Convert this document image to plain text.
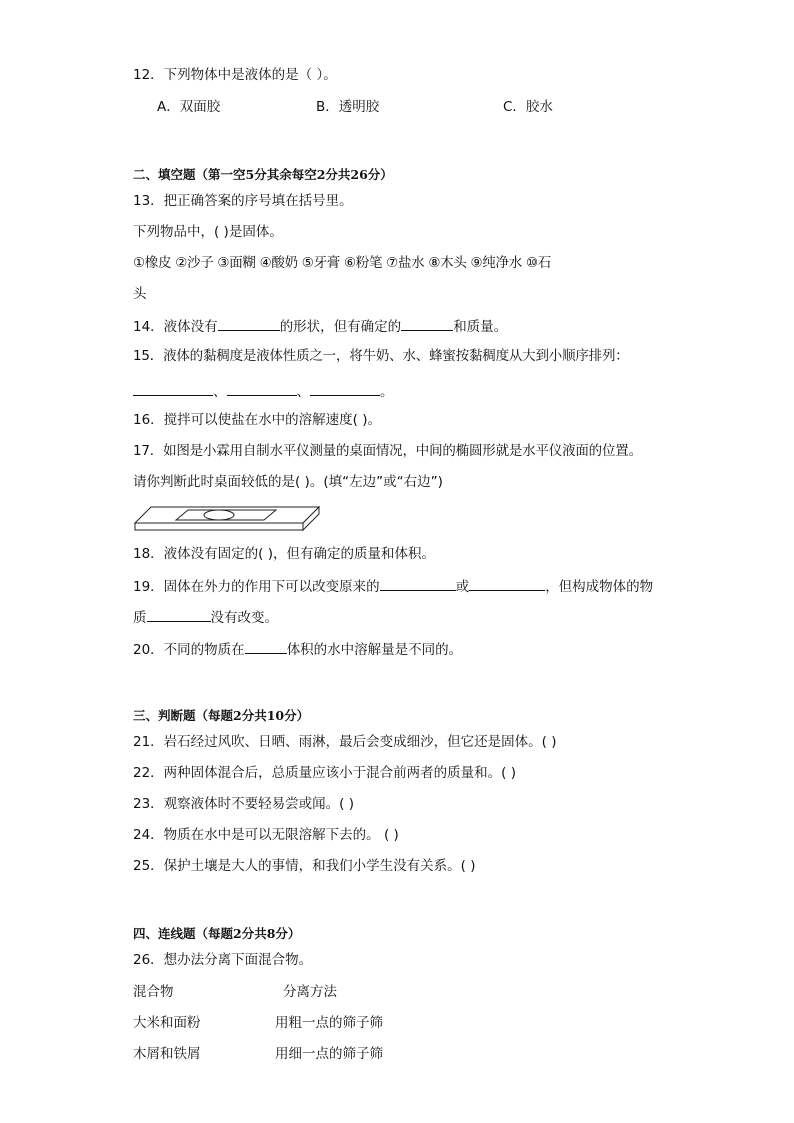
12．下列物体中是液体的是（ ）。
A．双面胶	B．透明胶	C．胶水
二、填空题（第一空5分其余每空2分共26分）
13．把正确答案的序号填在括号里。
下列物品中，( )是固体。
①橡皮 ②沙子 ③面糊 ④酸奶 ⑤牙膏 ⑥粉笔 ⑦盐水 ⑧木头 ⑨纯净水 ⑩石
头
14．液体没有	的形状，但有确定的	和质量。
15．液体的黏稠度是液体性质之一，将牛奶、水、蜂蜜按黏稠度从大到小顺序排列：
、	、	。
16．搅拌可以使盐在水中的溶解速度( )。
17．如图是小霖用自制水平仪测量的桌面情况，中间的椭圆形就是水平仪液面的位置。
请你判断此时桌面较低的是( )。(填“左边”或“右边”)
18．液体没有固定的( )，但有确定的质量和体积。
19．固体在外力的作用下可以改变原来的	或	，但构成物体的物
质	没有改变。
20．不同的物质在	体积的水中溶解量是不同的。
三、判断题（每题2分共10分）
21．岩石经过风吹、日晒、雨淋，最后会变成细沙，但它还是固体。( )
22．两种固体混合后，总质量应该小于混合前两者的质量和。( )
23．观察液体时不要轻易尝或闻。( )
24．物质在水中是可以无限溶解下去的。 ( )
25．保护土壤是大人的事情，和我们小学生没有关系。( )
四、连线题（每题2分共8分）
26．想办法分离下面混合物。
混合物	分离方法
大米和面粉	用粗一点的筛子筛
木屑和铁屑	用细一点的筛子筛
